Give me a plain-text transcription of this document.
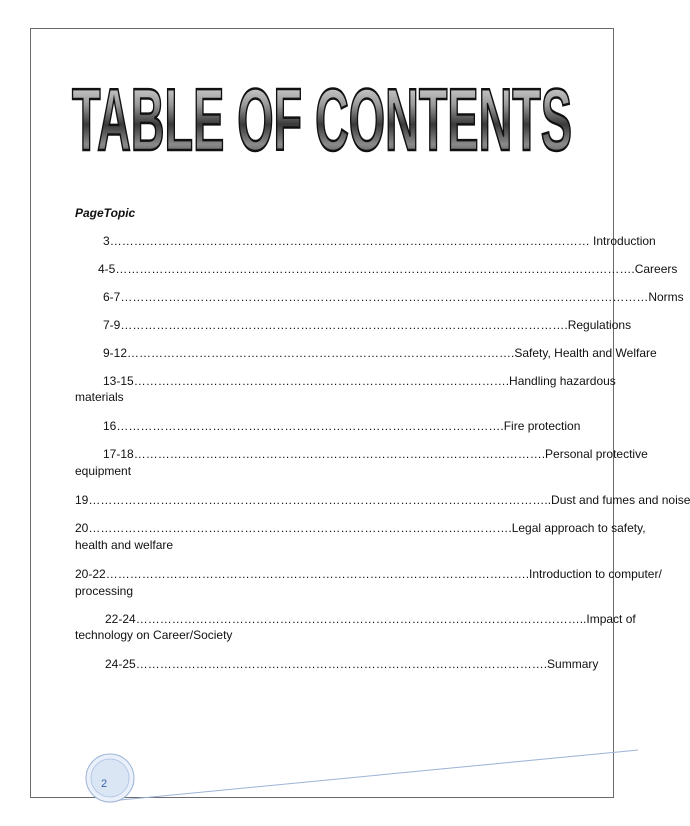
TABLE OF CONTENTS
PageTopic
3………………………………………………………………………………………………………… Introduction
4-5………………………………………………………………………………………………………………….Careers
6-7……………………………………………………………………………………………………………………Norms
7-9………………………………………………………………………………………………….Regulations
9-12…………………………………………………………………………………….Safety, Health and Welfare
13-15………………………………………………………………………………….Handling hazardous
materials
16…………………………………………………………………………………….Fire protection
17-18………………………………………………………………………………………….Personal protective
equipment
19……………………………………………………………………………………………………..Dust and fumes and noise
20…………………………………………………………………………………………….Legal approach to safety,
health and welfare
20-22…………………………………………………………………………………………….Introduction to computer/
processing
22-24…………………………………………………………………………………………………..Impact of
technology on Career/Society
24-25………………………………………………………………………………………….Summary
2
